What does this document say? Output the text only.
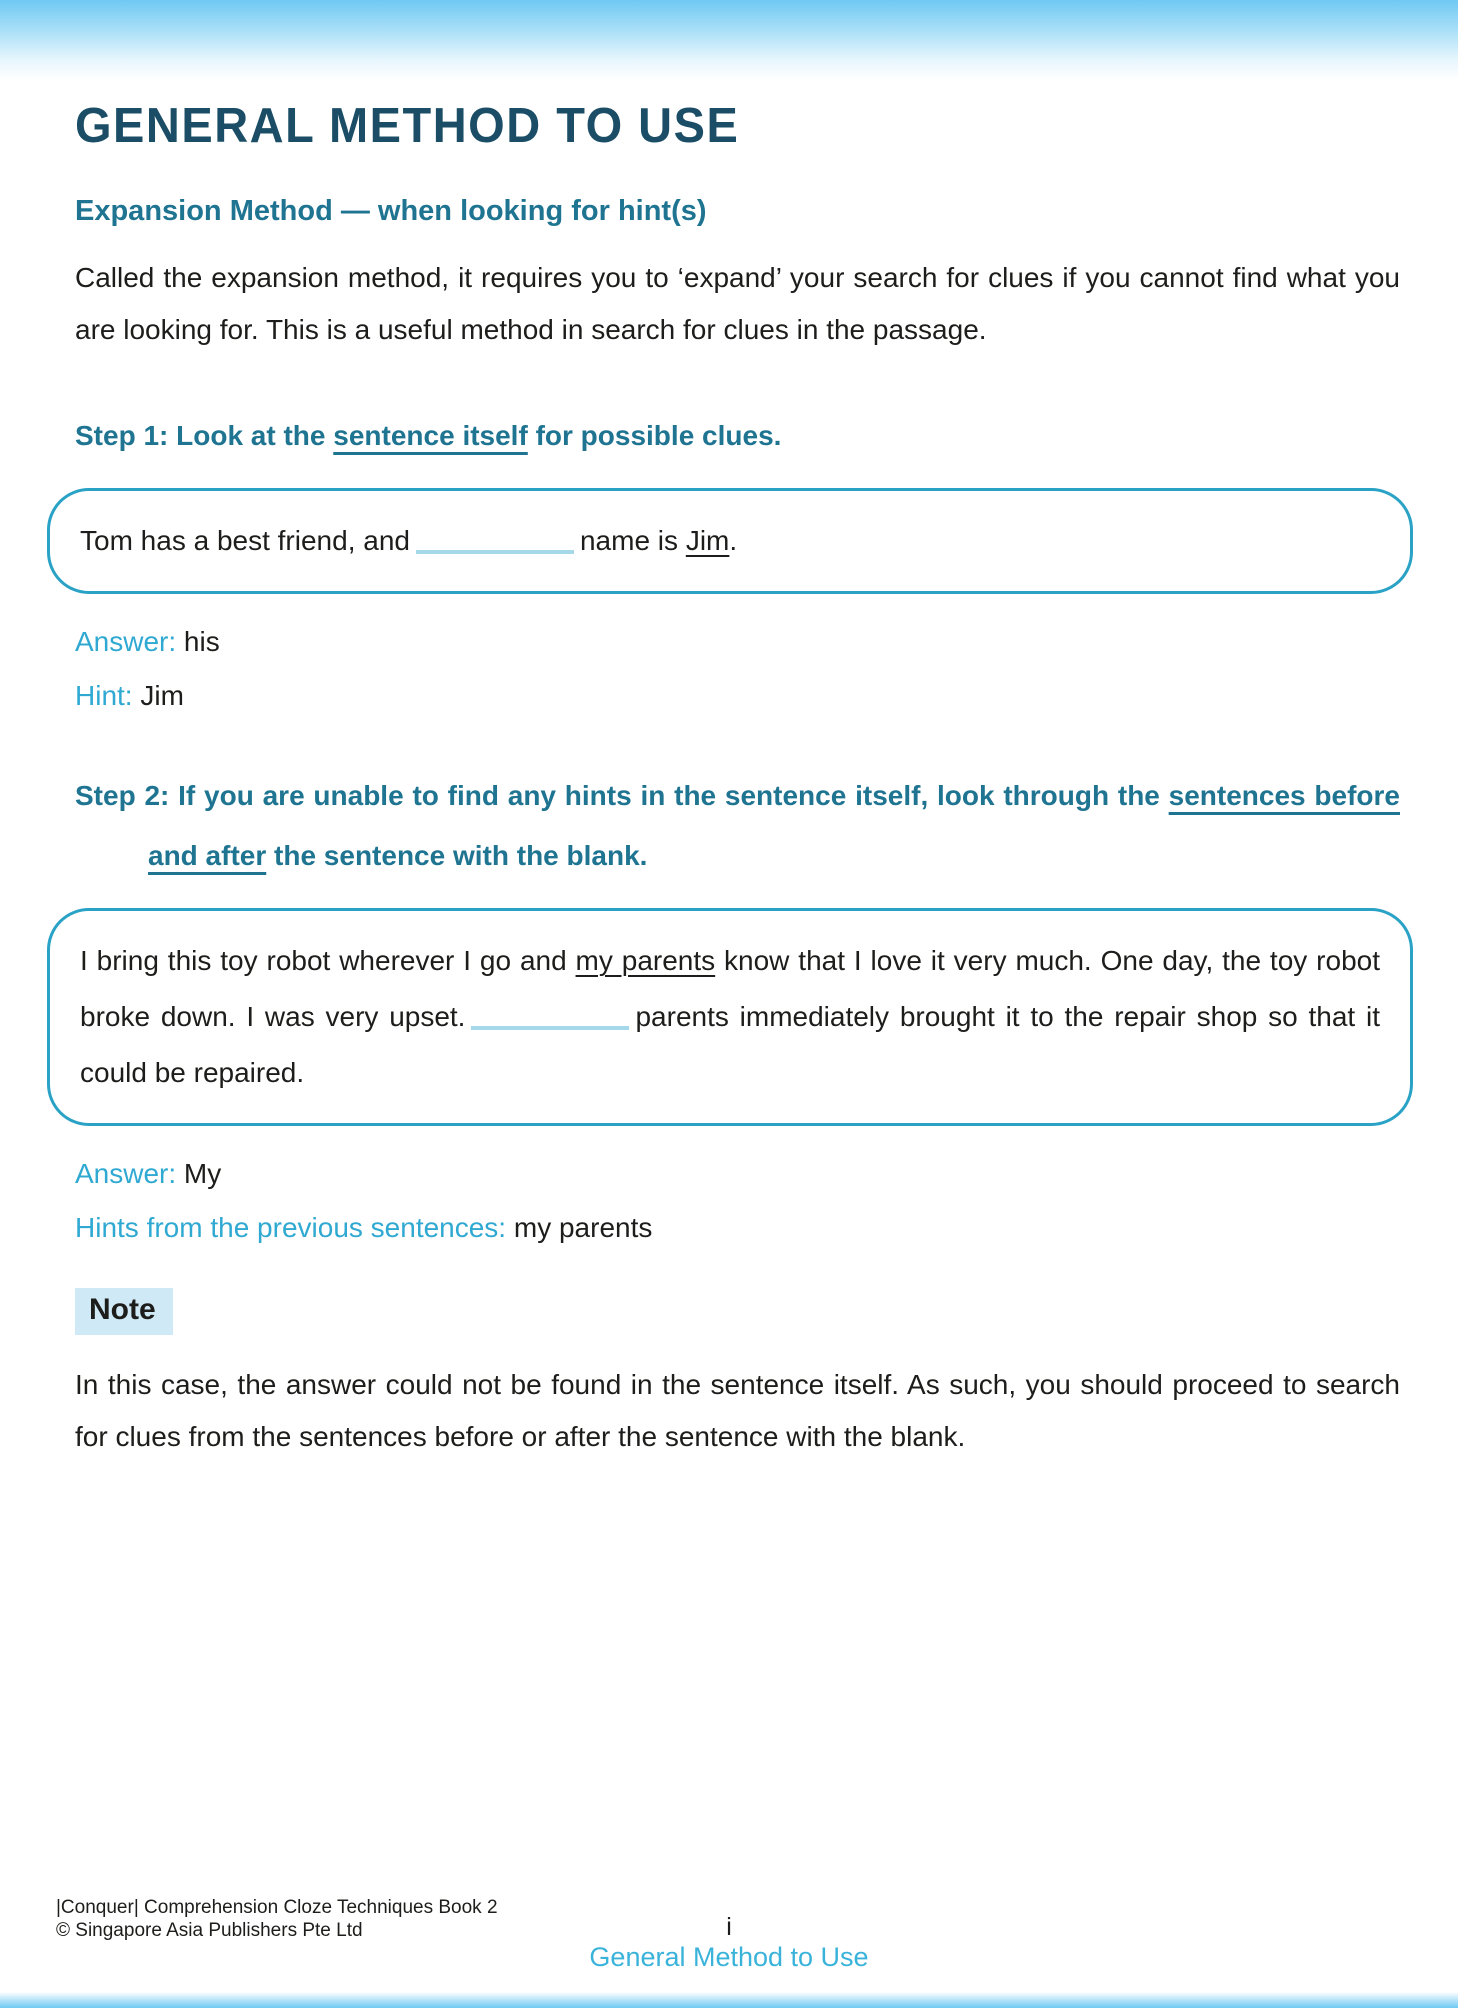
GENERAL METHOD TO USE
Expansion Method — when looking for hint(s)

Called the expansion method, it requires you to ‘expand’ your search for clues if you cannot find what you are looking for. This is a useful method in search for clues in the passage.

Step 1: Look at the sentence itself for possible clues.
Tom has a best friend, and	name is Jim.
Answer: his
Hint: Jim
Step 2: If you are unable to find any hints in the sentence itself, look through the sentences before and after the sentence with the blank.
I bring this toy robot wherever I go and my parents know that I love it very much. One day, the toy robot broke down. I was very upset.	parents immediately brought it to the repair shop so that it could be repaired.
Answer: My
Hints from the previous sentences: my parents
Note

In this case, the answer could not be found in the sentence itself. As such, you should proceed to search for clues from the sentences before or after the sentence with the blank.

|Conquer| Comprehension Cloze Techniques Book 2
© Singapore Asia Publishers Pte Ltd	i
General Method to Use
